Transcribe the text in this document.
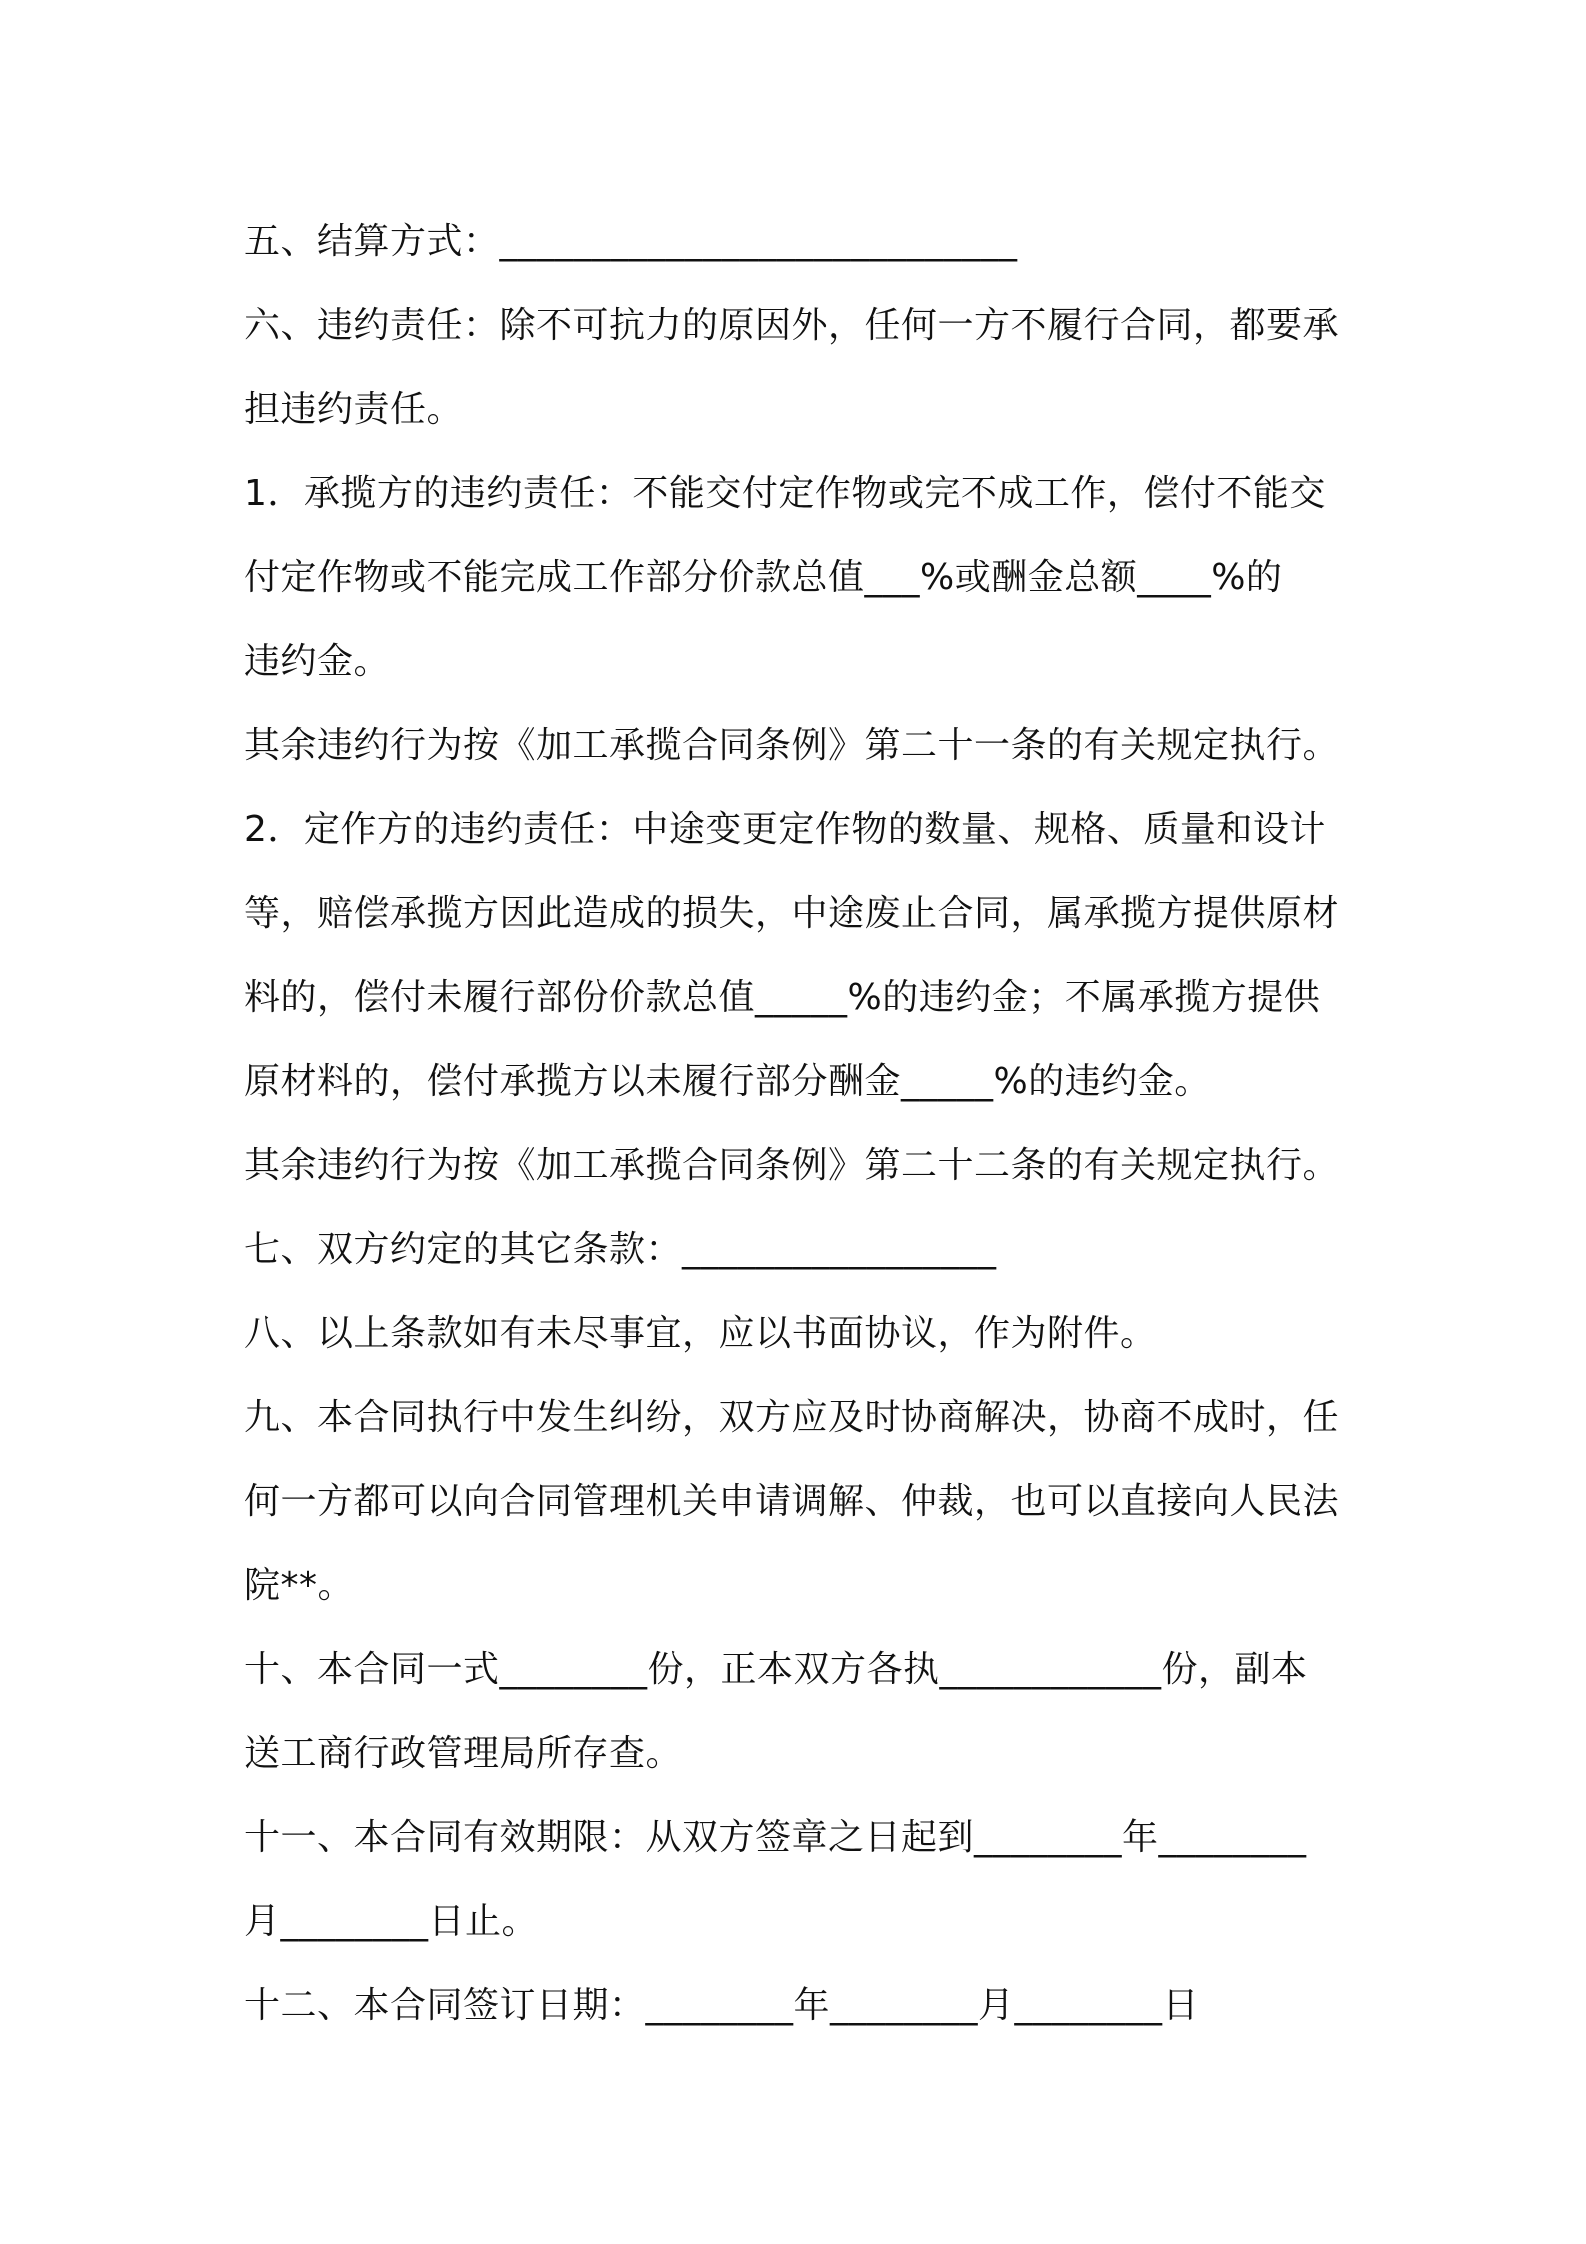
五、结算方式：____________________________
六、违约责任：除不可抗力的原因外，任何一方不履行合同，都要承
担违约责任。
1．承揽方的违约责任：不能交付定作物或完不成工作，偿付不能交
付定作物或不能完成工作部分价款总值___%或酬金总额____%的
违约金。
其余违约行为按《加工承揽合同条例》第二十一条的有关规定执行。
2．定作方的违约责任：中途变更定作物的数量、规格、质量和设计
等，赔偿承揽方因此造成的损失，中途废止合同，属承揽方提供原材
料的，偿付未履行部份价款总值_____%的违约金；不属承揽方提供
原材料的，偿付承揽方以未履行部分酬金_____%的违约金。
其余违约行为按《加工承揽合同条例》第二十二条的有关规定执行。
七、双方约定的其它条款：_________________
八、以上条款如有未尽事宜，应以书面协议，作为附件。
九、本合同执行中发生纠纷，双方应及时协商解决，协商不成时，任
何一方都可以向合同管理机关申请调解、仲裁，也可以直接向人民法
院**。
十、本合同一式________份，正本双方各执____________份，副本
送工商行政管理局所存查。
十一、本合同有效期限：从双方签章之日起到________年________
月________日止。
十二、本合同签订日期：________年________月________日
